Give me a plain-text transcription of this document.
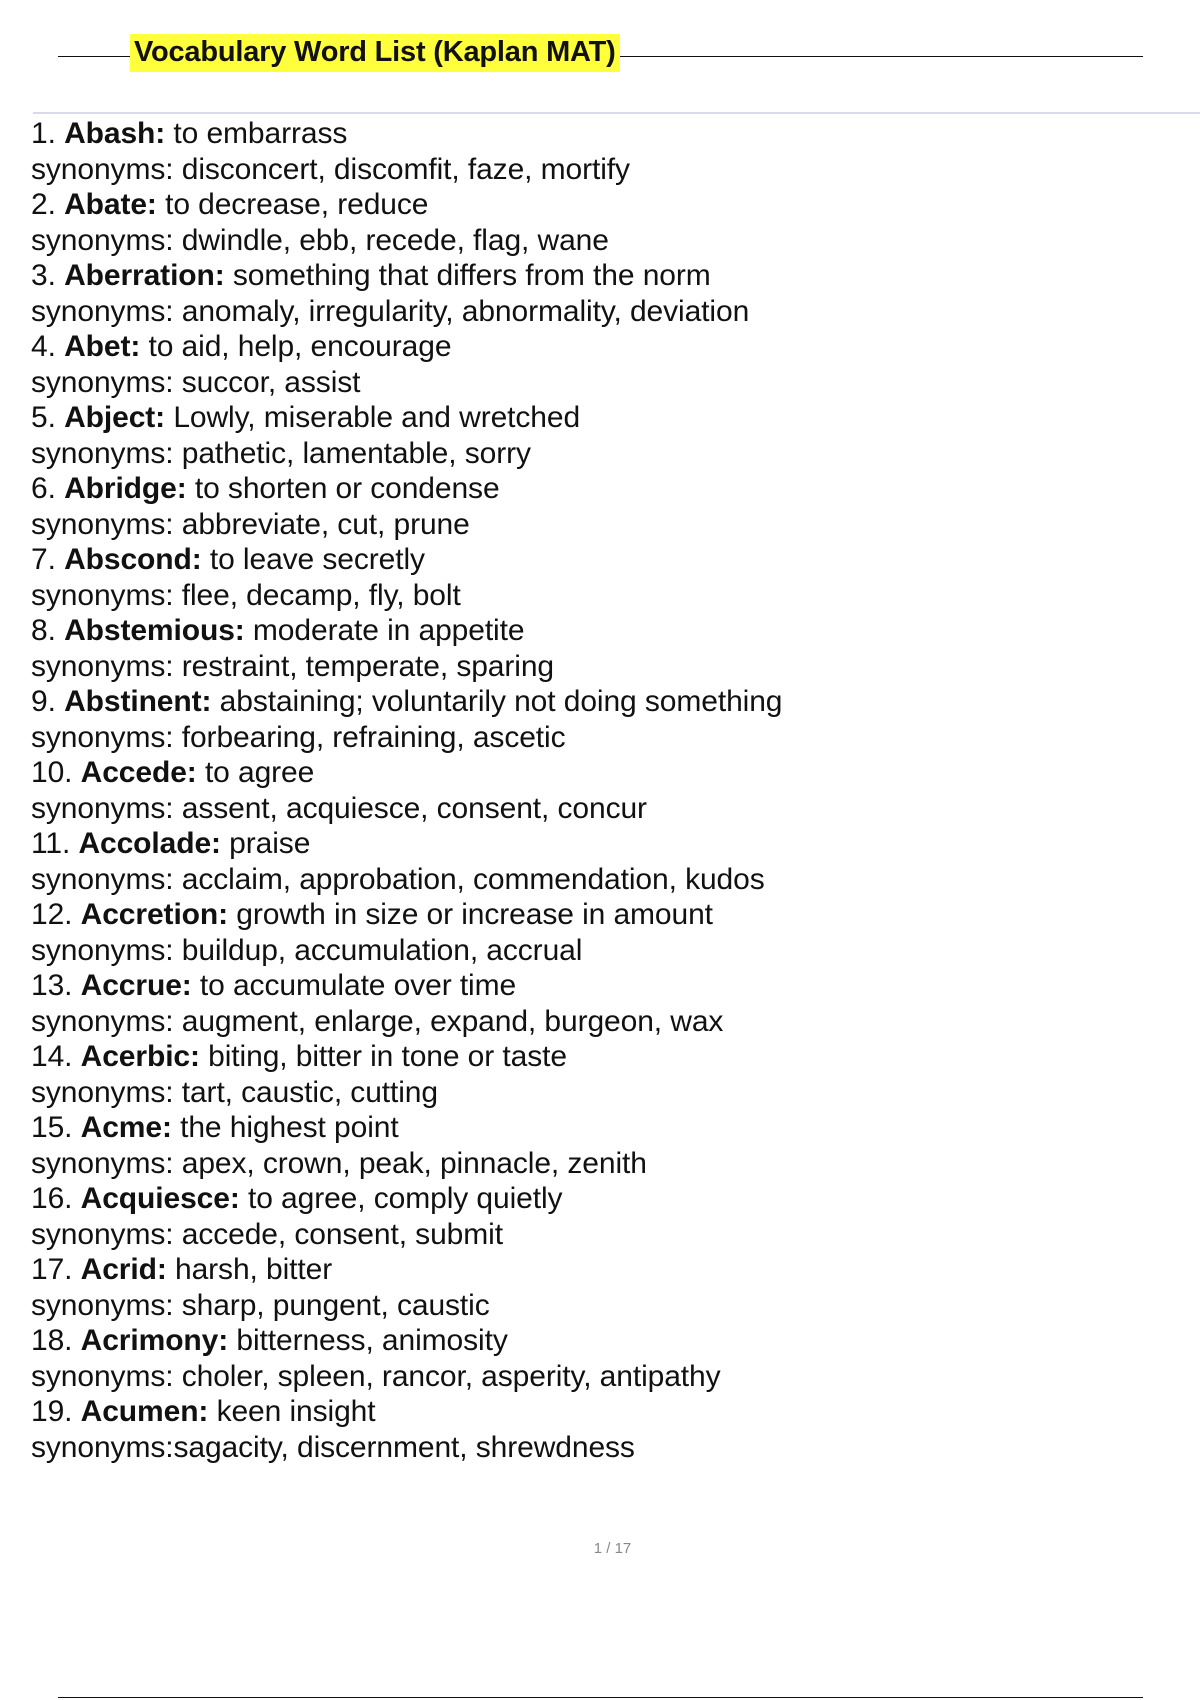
Vocabulary Word List (Kaplan MAT)
1. Abash: to embarrass
synonyms: disconcert, discomfit, faze, mortify
2. Abate: to decrease, reduce
synonyms: dwindle, ebb, recede, flag, wane
3. Aberration: something that differs from the norm
synonyms: anomaly, irregularity, abnormality, deviation
4. Abet: to aid, help, encourage
synonyms: succor, assist
5. Abject: Lowly, miserable and wretched
synonyms: pathetic, lamentable, sorry
6. Abridge: to shorten or condense
synonyms: abbreviate, cut, prune
7. Abscond: to leave secretly
synonyms: flee, decamp, fly, bolt
8. Abstemious: moderate in appetite
synonyms: restraint, temperate, sparing
9. Abstinent: abstaining; voluntarily not doing something
synonyms: forbearing, refraining, ascetic
10. Accede: to agree
synonyms: assent, acquiesce, consent, concur
11. Accolade: praise
synonyms: acclaim, approbation, commendation, kudos
12. Accretion: growth in size or increase in amount
synonyms: buildup, accumulation, accrual
13. Accrue: to accumulate over time
synonyms: augment, enlarge, expand, burgeon, wax
14. Acerbic: biting, bitter in tone or taste
synonyms: tart, caustic, cutting
15. Acme: the highest point
synonyms: apex, crown, peak, pinnacle, zenith
16. Acquiesce: to agree, comply quietly
synonyms: accede, consent, submit
17. Acrid: harsh, bitter
synonyms: sharp, pungent, caustic
18. Acrimony: bitterness, animosity
synonyms: choler, spleen, rancor, asperity, antipathy
19. Acumen: keen insight
synonyms:sagacity, discernment, shrewdness
1 / 17
